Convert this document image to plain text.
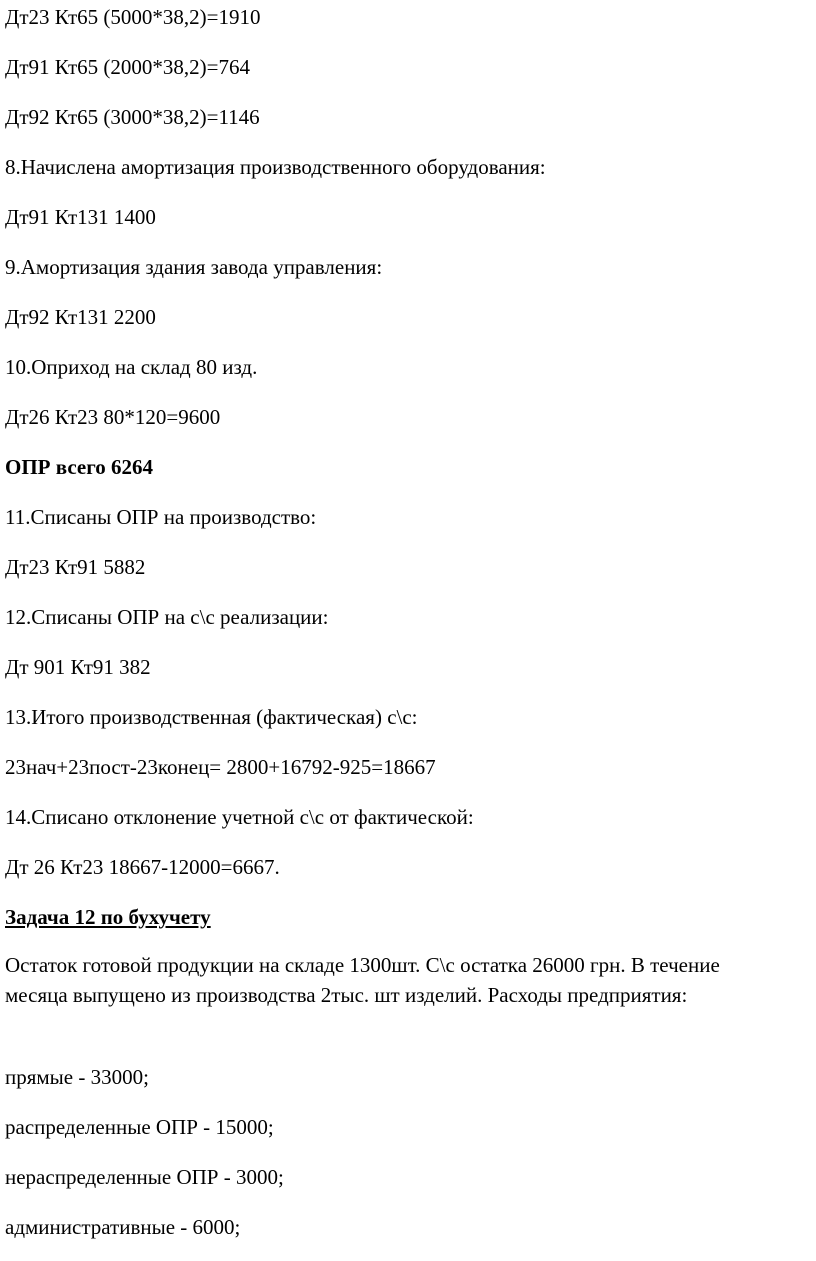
Дт23 Кт65 (5000*38,2)=1910
Дт91 Кт65 (2000*38,2)=764
Дт92 Кт65 (3000*38,2)=1146
8.Начислена амортизация производственного оборудования:
Дт91 Кт131 1400
9.Амортизация здания завода управления:
Дт92 Кт131 2200
10.Оприход на склад 80 изд.
Дт26 Кт23 80*120=9600
ОПР всего 6264
11.Списаны ОПР на производство:
Дт23 Кт91 5882
12.Списаны ОПР на с\с реализации:
Дт 901 Кт91 382
13.Итого производственная (фактическая) с\с:
23нач+23пост-23конец= 2800+16792-925=18667
14.Списано отклонение учетной с\с от фактической:
Дт 26 Кт23 18667-12000=6667.
Задача 12 по бухучету
Остаток готовой продукции на складе 1300шт. С\с остатка 26000 грн. В течение месяца выпущено из производства 2тыс. шт изделий. Расходы предприятия:
прямые - 33000;
распределенные ОПР - 15000;
нераспределенные ОПР - 3000;
административные - 6000;
